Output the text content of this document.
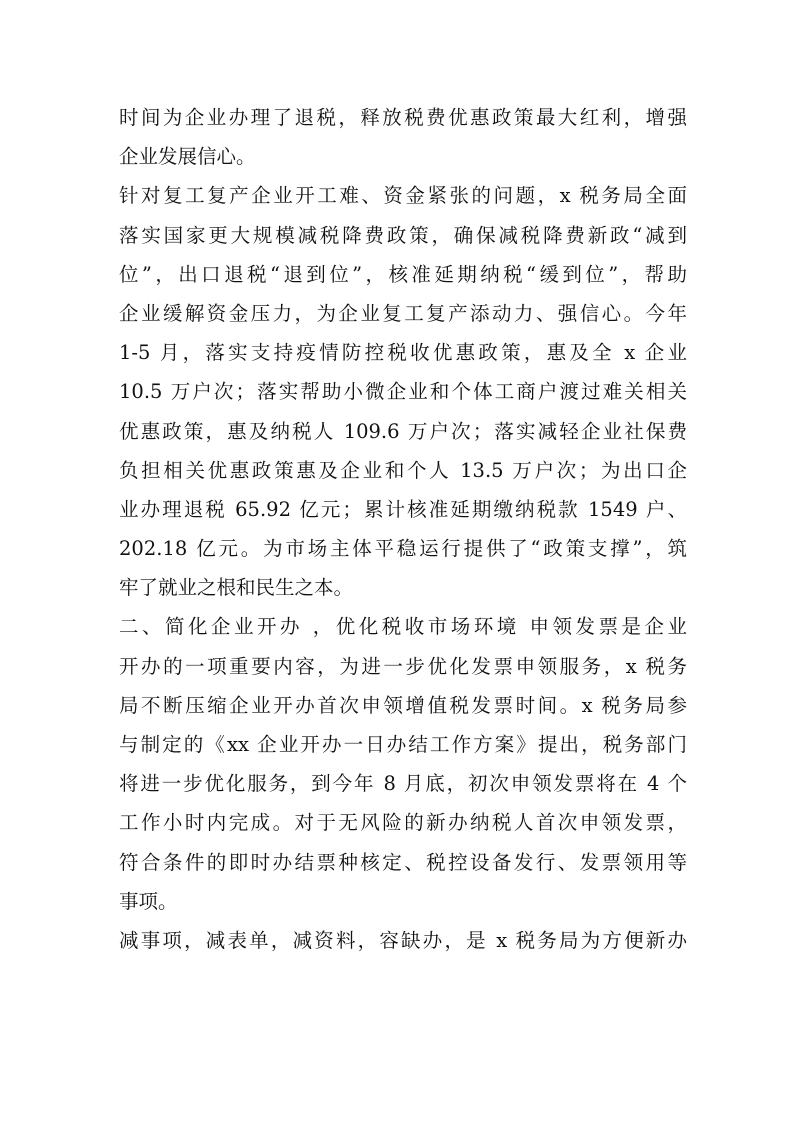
时间为企业办理了退税，释放税费优惠政策最大红利，增强
企业发展信心。
针对复工复产企业开工难、资金紧张的问题，x 税务局全面
落实国家更大规模减税降费政策，确保减税降费新政“减到
位”，出口退税“退到位”，核准延期纳税“缓到位”，帮助
企业缓解资金压力，为企业复工复产添动力、强信心。今年
1-5 月，落实支持疫情防控税收优惠政策，惠及全 x 企业
10.5 万户次；落实帮助小微企业和个体工商户渡过难关相关
优惠政策，惠及纳税人 109.6 万户次；落实减轻企业社保费
负担相关优惠政策惠及企业和个人 13.5 万户次；为出口企
业办理退税 65.92 亿元；累计核准延期缴纳税款 1549 户、
202.18 亿元。为市场主体平稳运行提供了“政策支撑”，筑
牢了就业之根和民生之本。
二、简化企业开办 ，优化税收市场环境 申领发票是企业
开办的一项重要内容，为进一步优化发票申领服务，x 税务
局不断压缩企业开办首次申领增值税发票时间。x 税务局参
与制定的《xx 企业开办一日办结工作方案》提出，税务部门
将进一步优化服务，到今年 8 月底，初次申领发票将在 4 个
工作小时内完成。对于无风险的新办纳税人首次申领发票，
符合条件的即时办结票种核定、税控设备发行、发票领用等
事项。
减事项，减表单，减资料，容缺办，是 x 税务局为方便新办
